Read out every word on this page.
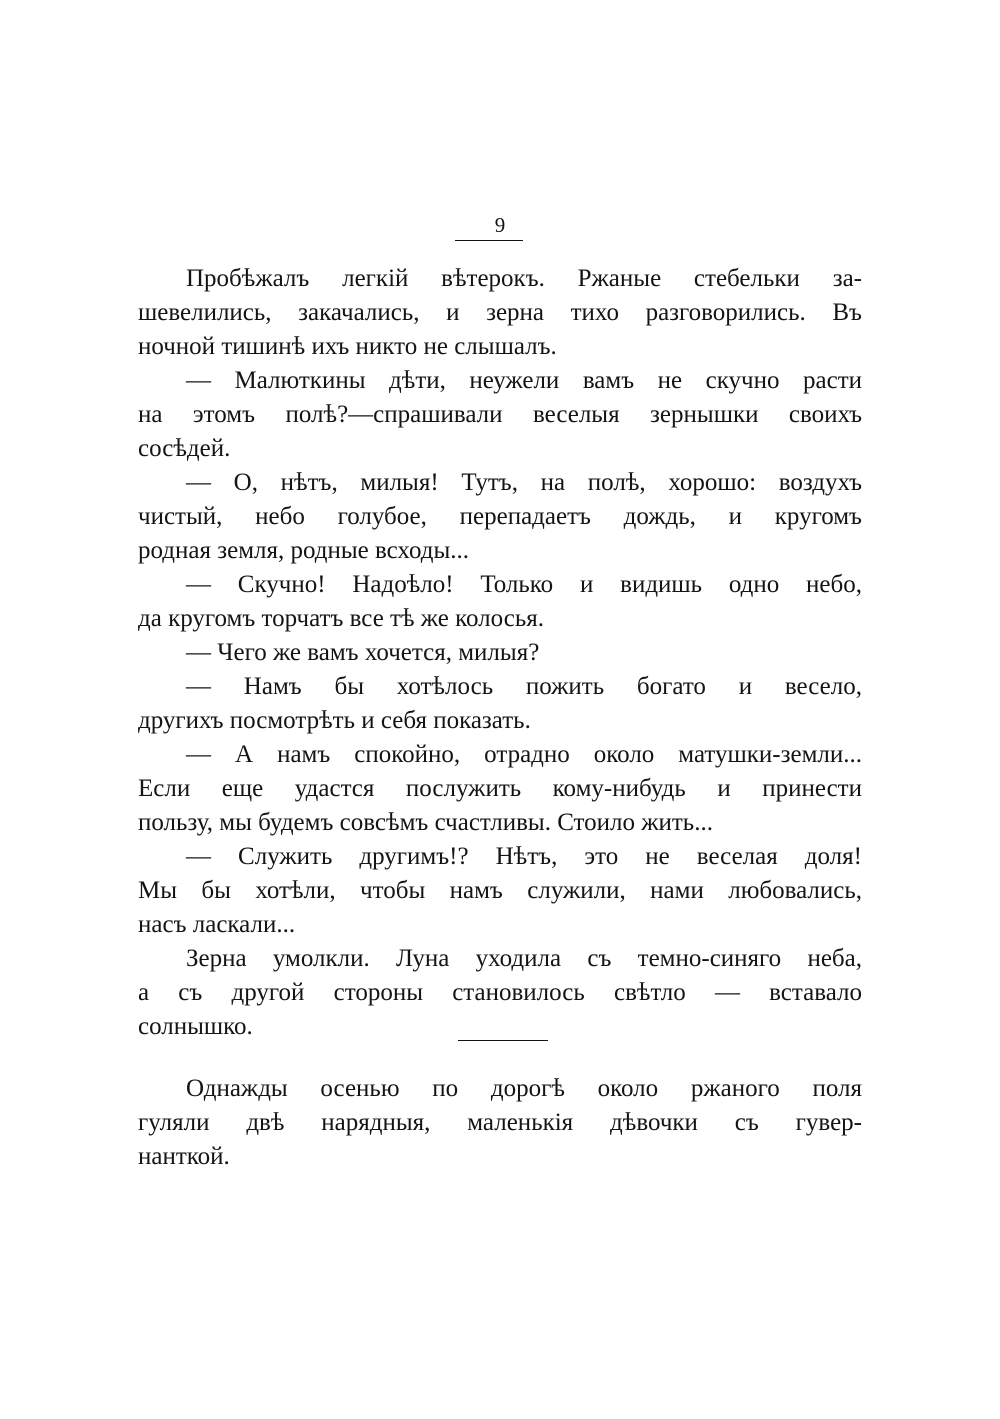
9
Пробѣжалъ легкій вѣтерокъ. Ржаные стебельки за-
шевелились, закачались, и зерна тихо разговорились. Въ
ночной тишинѣ ихъ никто не слышалъ.
— Малюткины дѣти, неужели вамъ не скучно расти
на этомъ полѣ?—спрашивали веселыя зернышки своихъ
сосѣдей.
— О, нѣтъ, милыя! Тутъ, на полѣ, хорошо: воздухъ
чистый, небо голубое, перепадаетъ дождь, и кругомъ
родная земля, родные всходы...
— Скучно! Надоѣло! Только и видишь одно небо,
да кругомъ торчатъ все тѣ же колосья.
— Чего же вамъ хочется, милыя?
— Намъ бы хотѣлось пожить богато и весело,
другихъ посмотрѣть и себя показать.
— А намъ спокойно, отрадно около матушки-земли...
Если еще удастся послужить кому-нибудь и принести
пользу, мы будемъ совсѣмъ счастливы. Стоило жить...
— Служить другимъ!? Нѣтъ, это не веселая доля!
Мы бы хотѣли, чтобы намъ служили, нами любовались,
насъ ласкали...
Зерна умолкли. Луна уходила съ темно-синяго неба,
а съ другой стороны становилось свѣтло — вставало
солнышко.
Однажды осенью по дорогѣ около ржаного поля
гуляли двѣ нарядныя, маленькія дѣвочки съ гувер-
нанткой.
